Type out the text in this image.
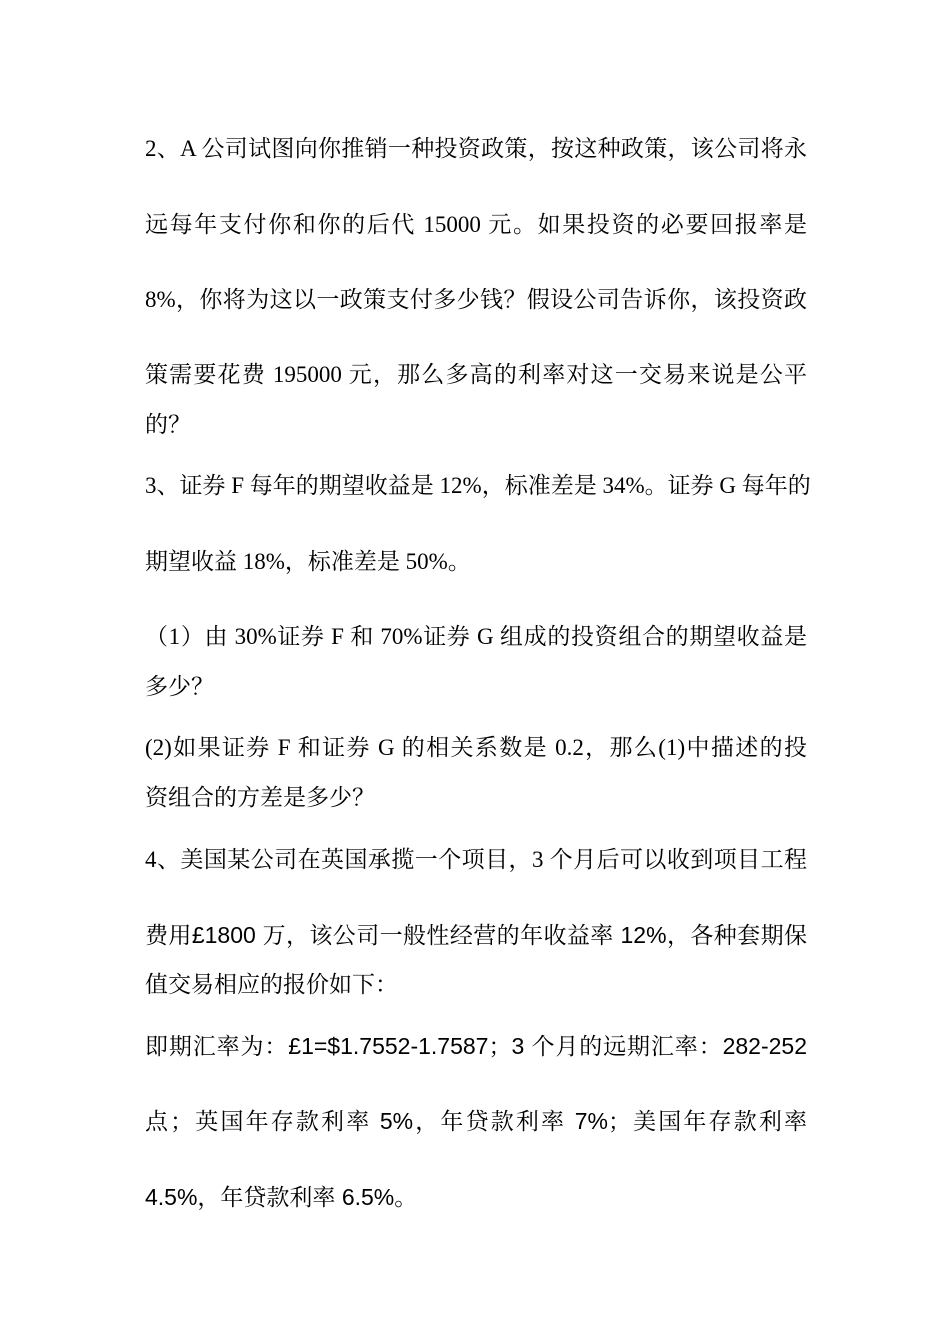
2、A 公司试图向你推销一种投资政策，按这种政策，该公司将永
远每年支付你和你的后代 15000 元。如果投资的必要回报率是
8%，你将为这以一政策支付多少钱？假设公司告诉你，该投资政
策需要花费 195000 元，那么多高的利率对这一交易来说是公平
的？
3、证券 F 每年的期望收益是 12%，标准差是 34%。证券 G 每年的
期望收益 18%，标准差是 50%。
（1）由 30%证券 F 和 70%证券 G 组成的投资组合的期望收益是
多少？
(2)如果证券 F 和证券 G 的相关系数是 0.2，那么(1)中描述的投
资组合的方差是多少？
4、美国某公司在英国承揽一个项目，3 个月后可以收到项目工程
费用£1800 万，该公司一般性经营的年收益率 12%，各种套期保
值交易相应的报价如下：
即期汇率为：£1=$1.7552-1.7587；3 个月的远期汇率：282-252
点；英国年存款利率 5%，年贷款利率 7%；美国年存款利率
4.5%，年贷款利率 6.5%。
